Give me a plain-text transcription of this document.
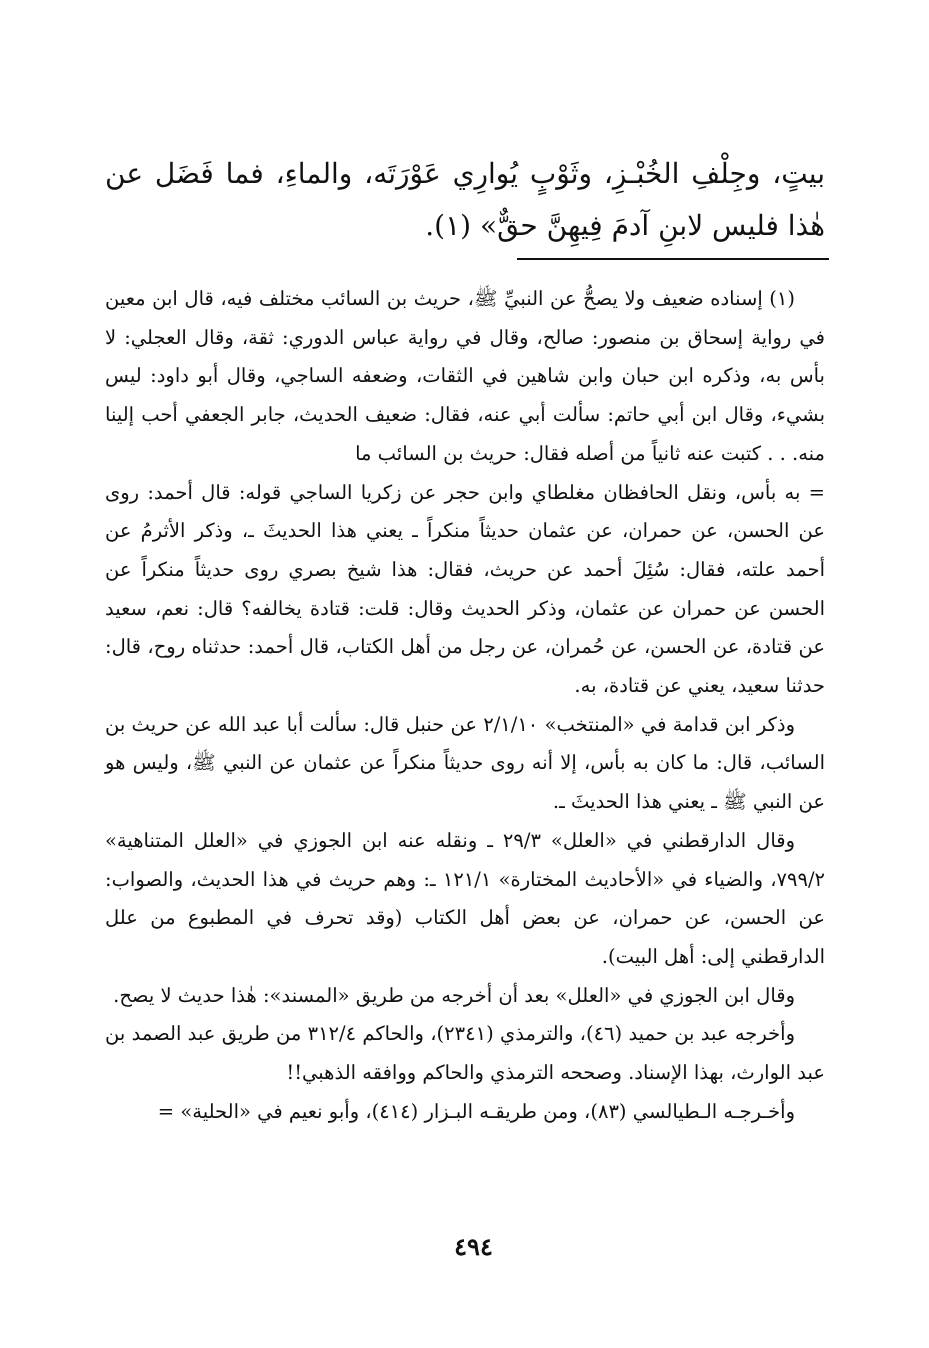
بيتٍ، وجِلْفِ الخُبْـزِ، وثَوْبٍ يُوارِي عَوْرَتَه، والماءِ، فما فَضَل عن هٰذا فليس لابنِ آدمَ فِيهِنَّ حقٌّ» (١).

(١) إسناده ضعيف ولا يصحُّ عن النبيِّ ﷺ، حريث بن السائب مختلف فيه، قال ابن معين في رواية إسحاق بن منصور: صالح، وقال في رواية عباس الدوري: ثقة، وقال العجلي: لا بأس به، وذكره ابن حبان وابن شاهين في الثقات، وضعفه الساجي، وقال أبو داود: ليس بشيء، وقال ابن أبي حاتم: سألت أبي عنه، فقال: ضعيف الحديث، جابر الجعفي أحب إلينا منه. . . كتبت عنه ثانياً من أصله فقال: حريث بن السائب ما

= به بأس، ونقل الحافظان مغلطاي وابن حجر عن زكريا الساجي قوله: قال أحمد: روى عن الحسن، عن حمران، عن عثمان حديثاً منكراً ـ يعني هذا الحديثَ ـ، وذكر الأثرمُ عن أحمد علته، فقال: سُئِلَ أحمد عن حريث، فقال: هذا شيخ بصري روى حديثاً منكراً عن الحسن عن حمران عن عثمان، وذكر الحديث وقال: قلت: قتادة يخالفه؟ قال: نعم، سعيد عن قتادة، عن الحسن، عن حُمران، عن رجل من أهل الكتاب، قال أحمد: حدثناه روح، قال: حدثنا سعيد، يعني عن قتادة، به.

وذكر ابن قدامة في «المنتخب» ٢/١/١٠ عن حنبل قال: سألت أبا عبد الله عن حريث بن السائب، قال: ما كان به بأس، إلا أنه روى حديثاً منكراً عن عثمان عن النبي ﷺ، وليس هو عن النبي ﷺ ـ يعني هذا الحديثَ ـ.

وقال الدارقطني في «العلل» ٢٩/٣ ـ ونقله عنه ابن الجوزي في «العلل المتناهية» ٧٩٩/٢، والضياء في «الأحاديث المختارة» ١٢١/١ ـ: وهم حريث في هذا الحديث، والصواب: عن الحسن، عن حمران، عن بعض أهل الكتاب (وقد تحرف في المطبوع من علل الدارقطني إلى: أهل البيت).

وقال ابن الجوزي في «العلل» بعد أن أخرجه من طريق «المسند»: هٰذا حديث لا يصح.

وأخرجه عبد بن حميد (٤٦)، والترمذي (٢٣٤١)، والحاكم ٣١٢/٤ من طريق عبد الصمد بن عبد الوارث، بهذا الإسناد. وصححه الترمذي والحاكم ووافقه الذهبي!!

وأخـرجـه الـطيالسي (٨٣)، ومن طريقـه البـزار (٤١٤)، وأبو نعيم في «الحلية» =

٤٩٤
